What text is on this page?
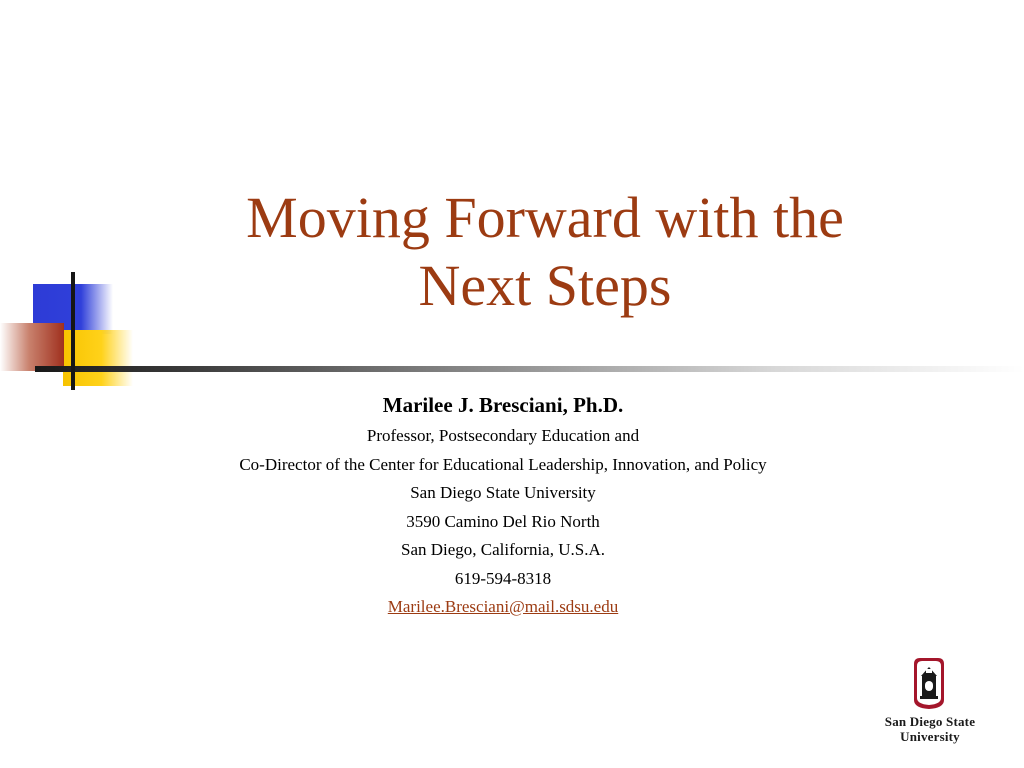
Moving Forward with the
Next Steps
Marilee J. Bresciani, Ph.D.
Professor, Postsecondary Education and
Co-Director of the Center for Educational Leadership, Innovation, and Policy
San Diego State University
3590 Camino Del Rio North
San Diego, California, U.S.A.
619-594-8318
Marilee.Bresciani@mail.sdsu.edu
San Diego State
University
